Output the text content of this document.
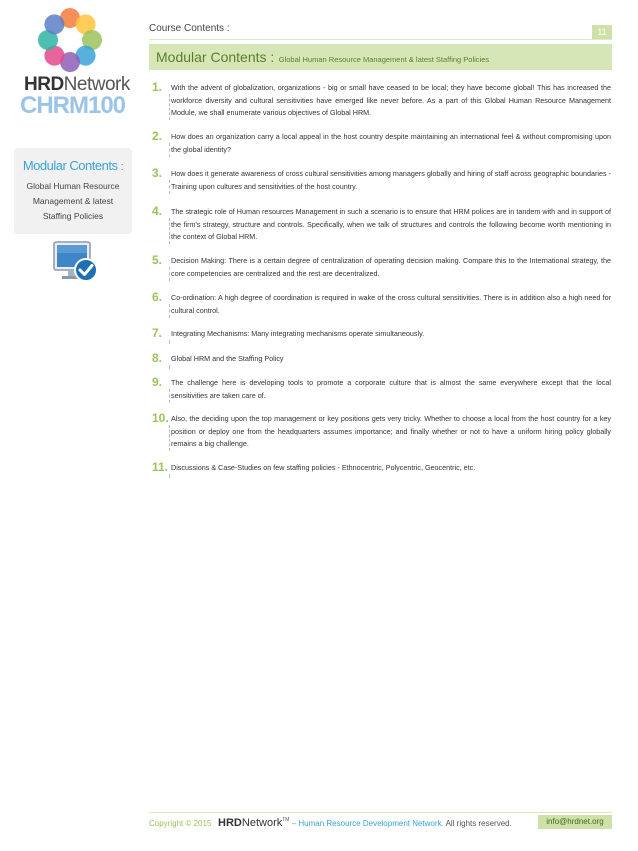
HRDNetwork
CHRM100
Modular Contents :
Global Human Resource Management & latest Staffing Policies
Course Contents :	11
Modular Contents : Global Human Resource Management & latest Staffing Policies
1. With the advent of globalization, organizations - big or small have ceased to be local; they have become global! This has increased the workforce diversity and cultural sensitivities have emerged like never before. As a part of this Global Human Resource Management Module, we shall enumerate various objectives of Global HRM.

2. How does an organization carry a local appeal in the host country despite maintaining an international feel & without compromising upon the global identity?

3. How does it generate awareness of cross cultural sensitivities among managers globally and hiring of staff across geographic boundaries - Training upon cultures and sensitivities of the host country.

4. The strategic role of Human resources Management in such a scenario is to ensure that HRM polices are in tandem with and in support of the firm's strategy, structure and controls. Specifically, when we talk of structures and controls the following become worth mentioning in the context of Global HRM.

5. Decision Making: There is a certain degree of centralization of operating decision making. Compare this to the International strategy, the core competencies are centralized and the rest are decentralized.

6. Co-ordination: A high degree of coordination is required in wake of the cross cultural sensitivities. There is in addition also a high need for cultural control.

7. Integrating Mechanisms: Many integrating mechanisms operate simultaneously.

8. Global HRM and the Staffing Policy

9. The challenge here is developing tools to promote a corporate culture that is almost the same everywhere except that the local sensitivities are taken care of.

10. Also, the deciding upon the top management or key positions gets very tricky. Whether to choose a local from the host country for a key position or deploy one from the headquarters assumes importance; and finally whether or not to have a uniform hiring policy globally remains a big challenge.

11. Discussions & Case-Studies on few staffing policies - Ethnocentric, Polycentric, Geocentric, etc.

Copyright © 2015 HRDNetwork™ – Human Resource Development Network. All rights reserved.	info@hrdnet.org
